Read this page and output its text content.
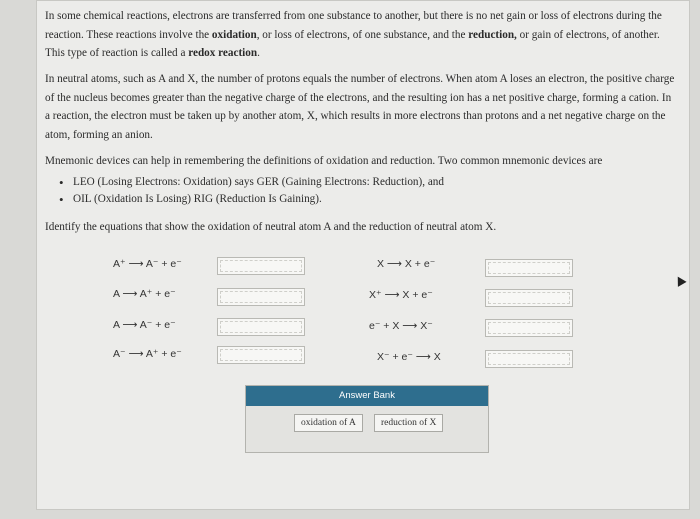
In some chemical reactions, electrons are transferred from one substance to another, but there is no net gain or loss of electrons during the reaction. These reactions involve the oxidation, or loss of electrons, of one substance, and the reduction, or gain of electrons, of another. This type of reaction is called a redox reaction.

In neutral atoms, such as A and X, the number of protons equals the number of electrons. When atom A loses an electron, the positive charge of the nucleus becomes greater than the negative charge of the electrons, and the resulting ion has a net positive charge, forming a cation. In a reaction, the electron must be taken up by another atom, X, which results in more electrons than protons and a net negative charge on the atom, forming an anion.

Mnemonic devices can help in remembering the definitions of oxidation and reduction. Two common mnemonic devices are

• LEO (Losing Electrons: Oxidation) says GER (Gaining Electrons: Reduction), and
• OIL (Oxidation Is Losing) RIG (Reduction Is Gaining).

Identify the equations that show the oxidation of neutral atom A and the reduction of neutral atom X.

A⁺ ⟶ A⁻ + e⁻
A ⟶ A⁺ + e⁻
A ⟶ A⁻ + e⁻
A⁻ ⟶ A⁺ + e⁻
X ⟶ X + e⁻
X⁺ ⟶ X + e⁻
e⁻ + X ⟶ X⁻
X⁻ + e⁻ ⟶ X
Answer Bank
oxidation of A	reduction of X
